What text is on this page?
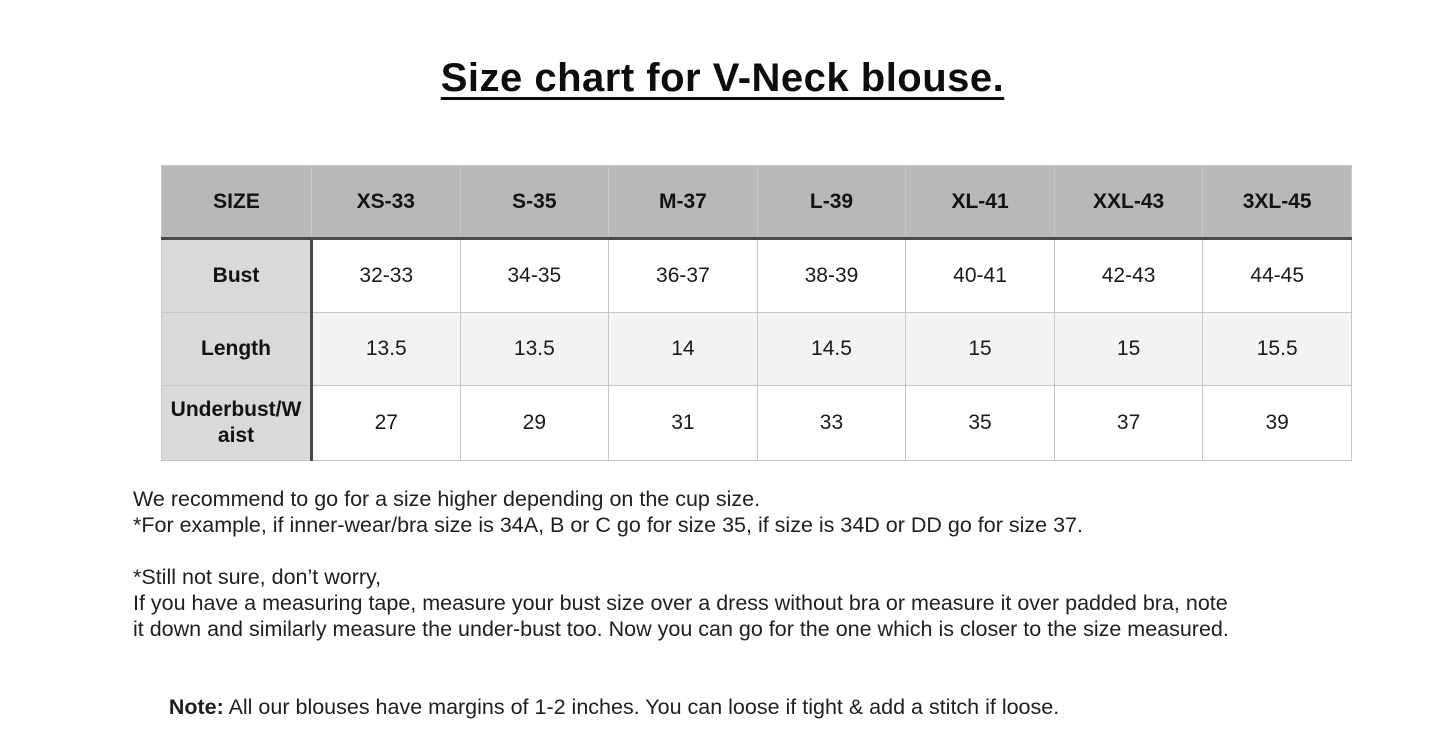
Size chart for V-Neck blouse.
SIZE	XS-33	S-35	M-37	L-39	XL-41	XXL-43	3XL-45
Bust	32-33	34-35	36-37	38-39	40-41	42-43	44-45
Length	13.5	13.5	14	14.5	15	15	15.5
Underbust/Waist	27	29	31	33	35	37	39
We recommend to go for a size higher depending on the cup size.
*For example, if inner-wear/bra size is 34A, B or C go for size 35, if size is 34D or DD go for size 37.
*Still not sure, don’t worry,
If you have a measuring tape, measure your bust size over a dress without bra or measure it over padded bra, note
it down and similarly measure the under-bust too. Now you can go for the one which is closer to the size measured.

Note: All our blouses have margins of 1-2 inches. You can loose if tight & add a stitch if loose.
